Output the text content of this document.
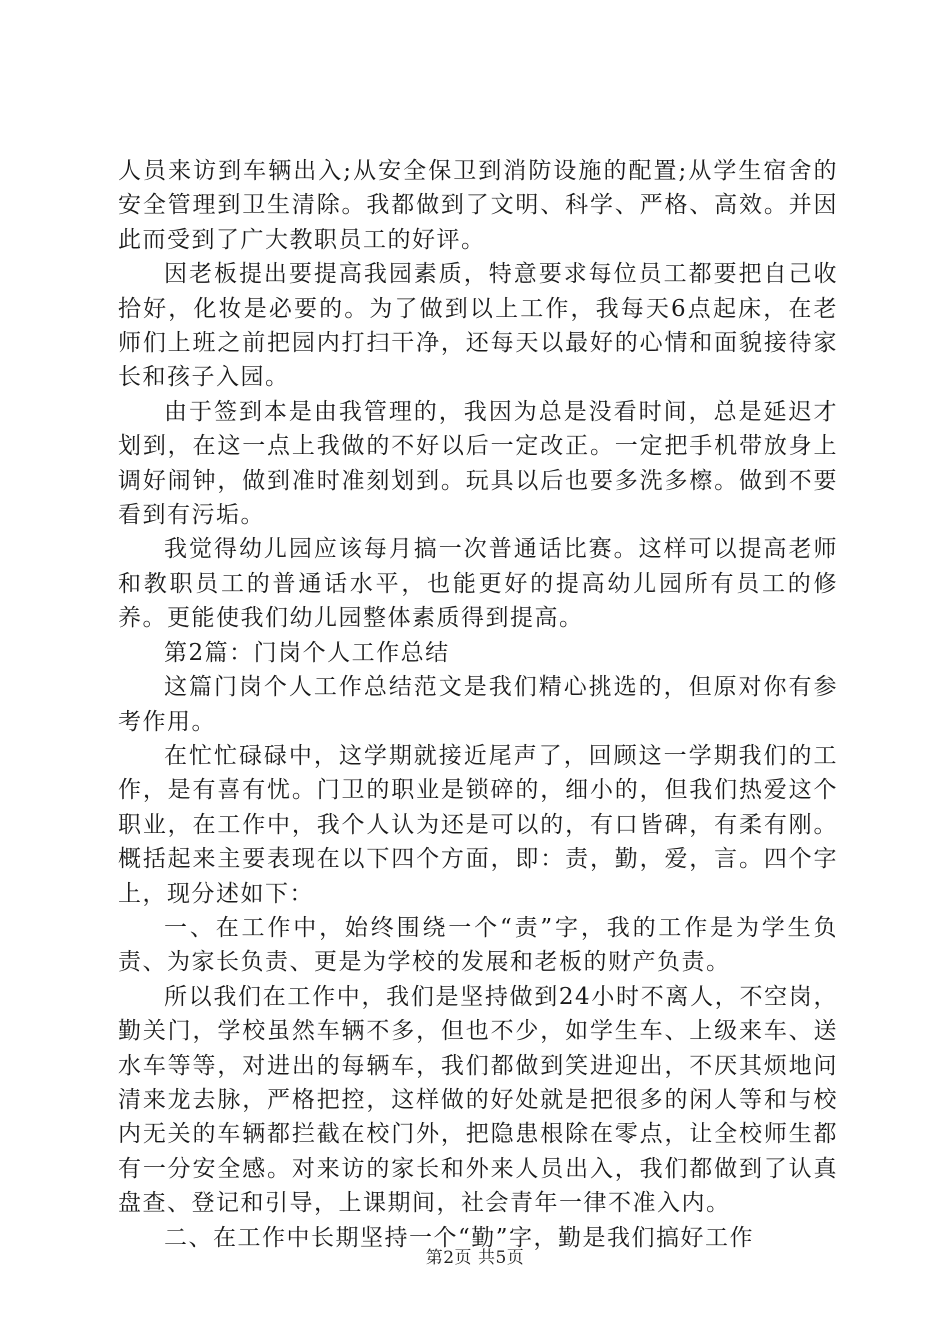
人员来访到车辆出入;从安全保卫到消防设施的配置;从学生宿舍的安全管理到卫生清除。我都做到了文明、科学、严格、高效。并因此而受到了广大教职员工的好评。

因老板提出要提高我园素质，特意要求每位员工都要把自己收拾好，化妆是必要的。为了做到以上工作，我每天6点起床，在老师们上班之前把园内打扫干净，还每天以最好的心情和面貌接待家长和孩子入园。

由于签到本是由我管理的，我因为总是没看时间，总是延迟才划到，在这一点上我做的不好以后一定改正。一定把手机带放身上调好闹钟，做到准时准刻划到。玩具以后也要多洗多檫。做到不要看到有污垢。

我觉得幼儿园应该每月搞一次普通话比赛。这样可以提高老师和教职员工的普通话水平，也能更好的提高幼儿园所有员工的修养。更能使我们幼儿园整体素质得到提高。

第2篇：门岗个人工作总结

这篇门岗个人工作总结范文是我们精心挑选的，但原对你有参考作用。

在忙忙碌碌中，这学期就接近尾声了，回顾这一学期我们的工作，是有喜有忧。门卫的职业是锁碎的，细小的，但我们热爱这个职业，在工作中，我个人认为还是可以的，有口皆碑，有柔有刚。概括起来主要表现在以下四个方面，即：责，勤，爱，言。四个字上，现分述如下：

一、在工作中，始终围绕一个“责”字，我的工作是为学生负责、为家长负责、更是为学校的发展和老板的财产负责。

所以我们在工作中，我们是坚持做到24小时不离人，不空岗，勤关门，学校虽然车辆不多，但也不少，如学生车、上级来车、送水车等等，对进出的每辆车，我们都做到笑进迎出，不厌其烦地问清来龙去脉，严格把控，这样做的好处就是把很多的闲人等和与校内无关的车辆都拦截在校门外，把隐患根除在零点，让全校师生都有一分安全感。对来访的家长和外来人员出入，我们都做到了认真盘查、登记和引导，上课期间，社会青年一律不准入内。

二、在工作中长期坚持一个“勤”字，勤是我们搞好工作

第2页 共5页
